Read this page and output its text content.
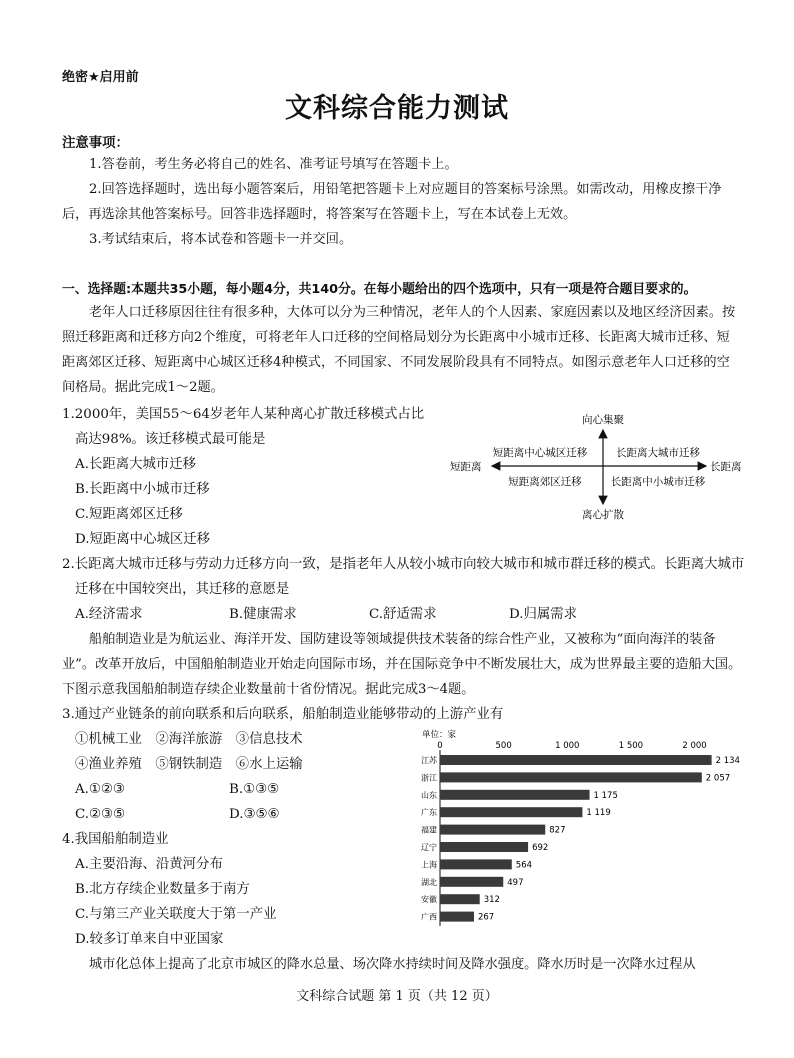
绝密★启用前
文科综合能力测试
注意事项：
1.答卷前，考生务必将自己的姓名、准考证号填写在答题卡上。
2.回答选择题时，选出每小题答案后，用铅笔把答题卡上对应题目的答案标号涂黑。如需改动，用橡皮擦干净后，再选涂其他答案标号。回答非选择题时，将答案写在答题卡上，写在本试卷上无效。
3.考试结束后，将本试卷和答题卡一并交回。
一、选择题:本题共35小题，每小题4分，共140分。在每小题给出的四个选项中，只有一项是符合题目要求的。
老年人口迁移原因往往有很多种，大体可以分为三种情况，老年人的个人因素、家庭因素以及地区经济因素。按照迁移距离和迁移方向2个维度，可将老年人口迁移的空间格局划分为长距离中小城市迁移、长距离大城市迁移、短距离郊区迁移、短距离中心城区迁移4种模式，不同国家、不同发展阶段具有不同特点。如图示意老年人口迁移的空间格局。据此完成1～2题。
1.2000年，美国55～64岁老年人某种离心扩散迁移模式占比
高达98%。该迁移模式最可能是
A.长距离大城市迁移
B.长距离中小城市迁移
C.短距离郊区迁移
D.短距离中心城区迁移
向心集聚
离心扩散
短距离	长距离
短距离中心城区迁移	长距离大城市迁移
短距离郊区迁移	长距离中小城市迁移
2.长距离大城市迁移与劳动力迁移方向一致，是指老年人从较小城市向较大城市和城市群迁移的模式。长距离大城市迁移在中国较突出，其迁移的意愿是
A.经济需求	B.健康需求	C.舒适需求	D.归属需求
船舶制造业是为航运业、海洋开发、国防建设等领域提供技术装备的综合性产业，又被称为“面向海洋的装备业”。改革开放后，中国船舶制造业开始走向国际市场，并在国际竞争中不断发展壮大，成为世界最主要的造船大国。下图示意我国船舶制造存续企业数量前十省份情况。据此完成3～4题。
3.通过产业链条的前向联系和后向联系，船舶制造业能够带动的上游产业有
①机械工业　②海洋旅游　③信息技术
④渔业养殖　⑤钢铁制造　⑥水上运输
A.①②③	B.①③⑤
C.②③⑤	D.③⑤⑥
4.我国船舶制造业
A.主要沿海、沿黄河分布
B.北方存续企业数量多于南方
C.与第三产业关联度大于第一产业
D.较多订单来自中亚国家
单位：家
0	500	1 000	1 500	2 000
江苏	2 134
浙江	2 057
山东	1 175
广东	1 119
福建	827
辽宁	692
上海	564
湖北	497
安徽	312
广西	267
城市化总体上提高了北京市城区的降水总量、场次降水持续时间及降水强度。降水历时是一次降水过程从
文科综合试题 第 1 页（共 12 页）
